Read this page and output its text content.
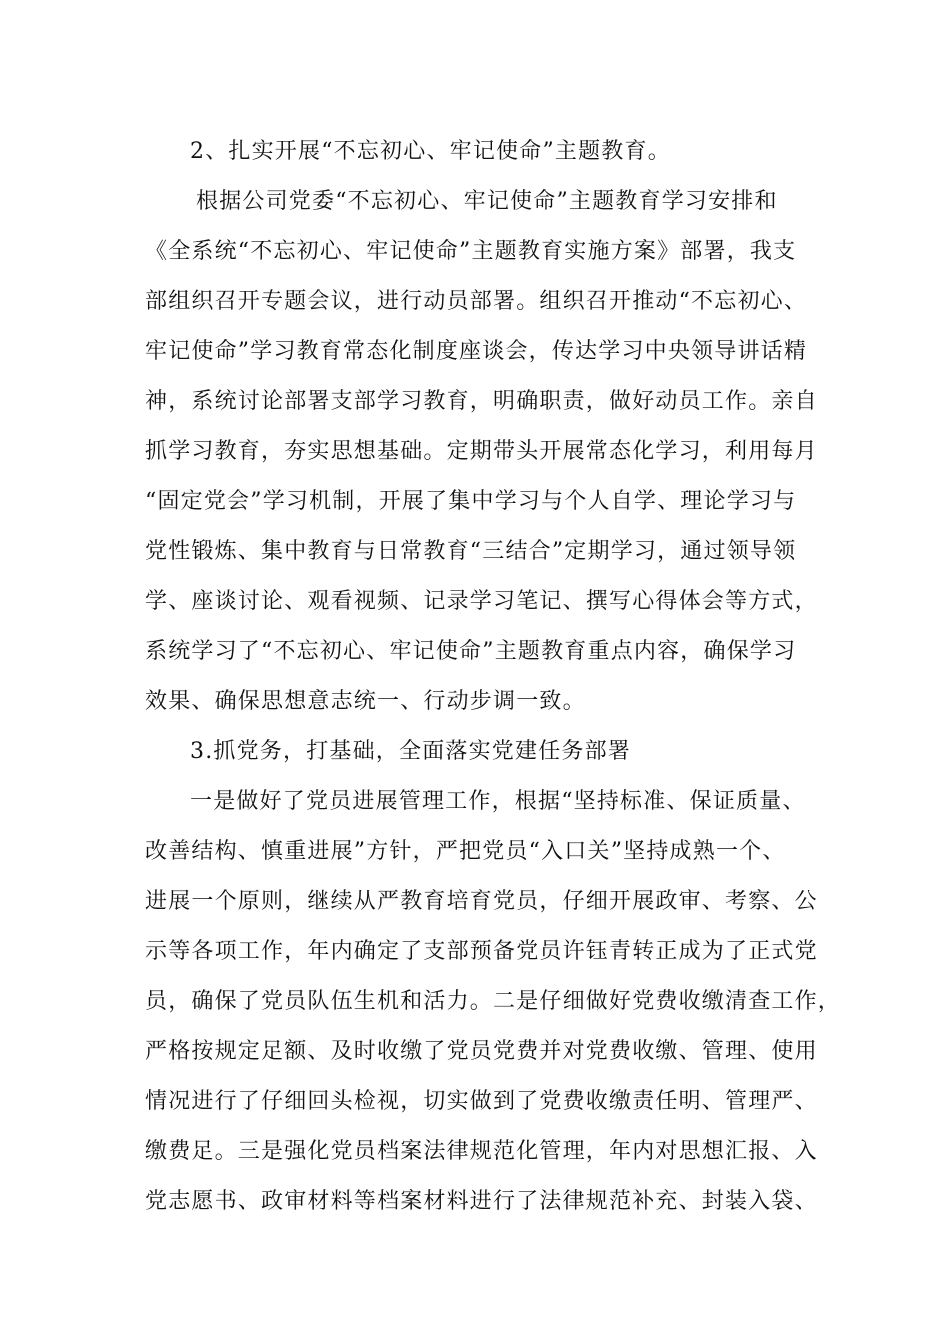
2、扎实开展“不忘初心、牢记使命”主题教育。
根据公司党委“不忘初心、牢记使命”主题教育学习安排和
《全系统“不忘初心、牢记使命”主题教育实施方案》部署，我支
部组织召开专题会议，进行动员部署。组织召开推动“不忘初心、
牢记使命”学习教育常态化制度座谈会，传达学习中央领导讲话精
神，系统讨论部署支部学习教育，明确职责，做好动员工作。亲自
抓学习教育，夯实思想基础。定期带头开展常态化学习，利用每月
“固定党会”学习机制，开展了集中学习与个人自学、理论学习与
党性锻炼、集中教育与日常教育“三结合”定期学习，通过领导领
学、座谈讨论、观看视频、记录学习笔记、撰写心得体会等方式，
系统学习了“不忘初心、牢记使命”主题教育重点内容，确保学习
效果、确保思想意志统一、行动步调一致。
3.抓党务，打基础，全面落实党建任务部署
一是做好了党员进展管理工作，根据“坚持标准、保证质量、
改善结构、慎重进展”方针，严把党员“入口关”坚持成熟一个、
进展一个原则，继续从严教育培育党员，仔细开展政审、考察、公
示等各项工作，年内确定了支部预备党员许钰青转正成为了正式党
员，确保了党员队伍生机和活力。二是仔细做好党费收缴清查工作，
严格按规定足额、及时收缴了党员党费并对党费收缴、管理、使用
情况进行了仔细回头检视，切实做到了党费收缴责任明、管理严、
缴费足。三是强化党员档案法律规范化管理，年内对思想汇报、入
党志愿书、政审材料等档案材料进行了法律规范补充、封装入袋、
